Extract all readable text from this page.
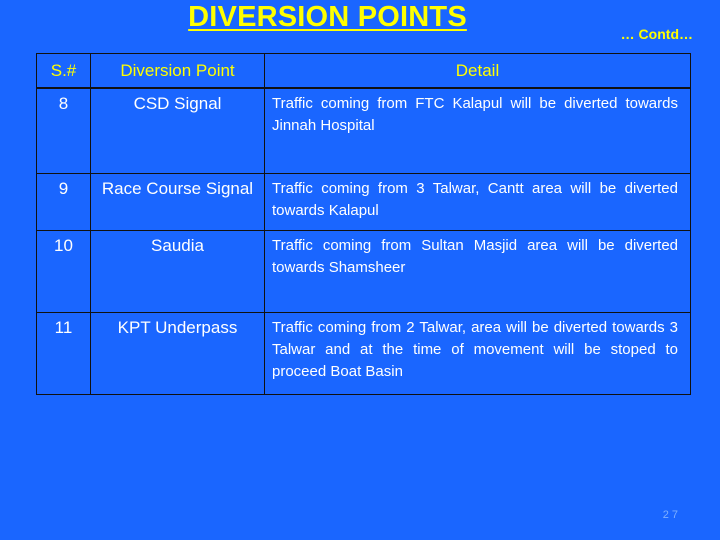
DIVERSION POINTS
… Contd…
S.#	Diversion Point	Detail
8	CSD Signal	Traffic coming from FTC Kalapul will be diverted towards Jinnah Hospital
9	Race Course Signal	Traffic coming from 3 Talwar, Cantt area will be diverted towards Kalapul
10	Saudia	Traffic coming from Sultan Masjid area will be diverted towards Shamsheer
11	KPT Underpass	Traffic coming from 2 Talwar, area will be diverted towards 3 Talwar and at the time of movement will be stoped to proceed Boat Basin
27
